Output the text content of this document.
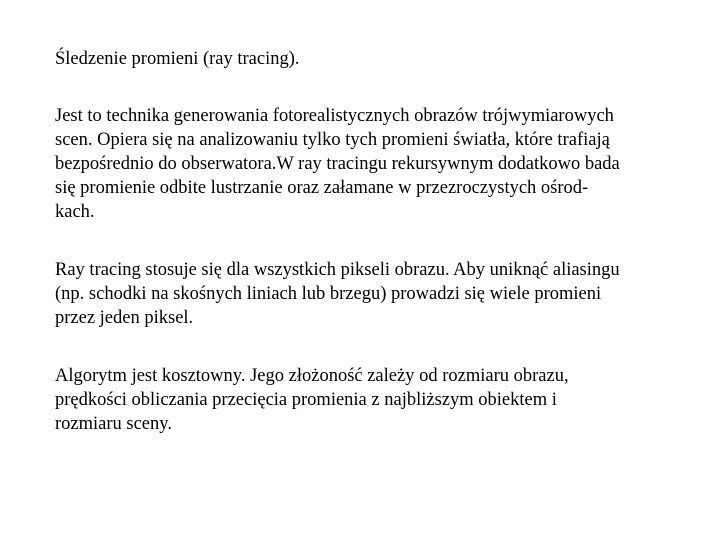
Śledzenie promieni (ray tracing).

Jest to technika generowania fotorealistycznych obrazów trójwymiarowych
scen. Opiera się na analizowaniu tylko tych promieni światła, które trafiają
bezpośrednio do obserwatora.W ray tracingu rekursywnym dodatkowo bada
się promienie odbite lustrzanie oraz załamane w przezroczystych ośrod-
kach.

Ray tracing stosuje się dla wszystkich pikseli obrazu. Aby uniknąć aliasingu
(np. schodki na skośnych liniach lub brzegu) prowadzi się wiele promieni
przez jeden piksel.

Algorytm jest kosztowny. Jego złożoność zależy od rozmiaru obrazu,
prędkości obliczania przecięcia promienia z najbliższym obiektem i
rozmiaru sceny.
